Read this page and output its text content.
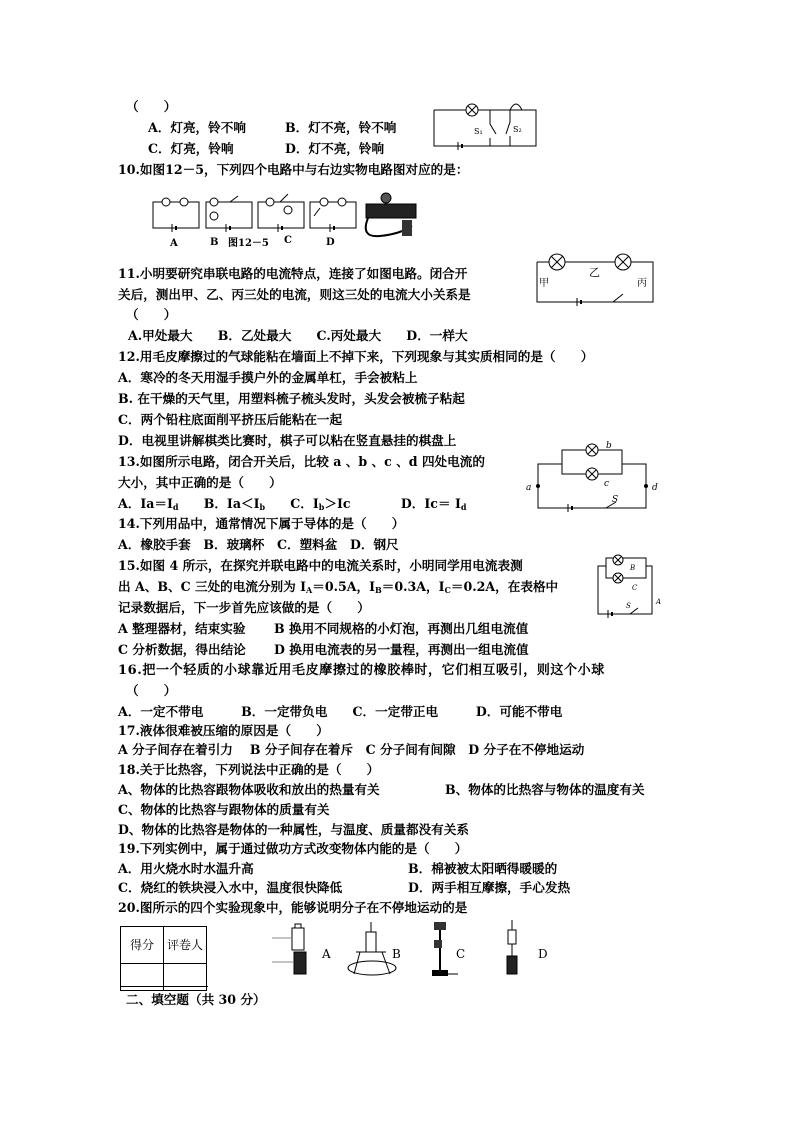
（　　）
A．灯亮，铃不响	B．灯不亮，铃不响
C．灯亮，铃响	D．灯不亮，铃响
S₁	S₂
10.如图12－5，下列四个电路中与右边实物电路图对应的是：
A	B	C	D
图12－5
11.小明要研究串联电路的电流特点，连接了如图电路。闭合开
关后，测出甲、乙、丙三处的电流，则这三处的电流大小关系是
（　　）
A.甲处最大　　B．乙处最大　　C.丙处最大　　D．一样大
甲
乙
丙
12.用毛皮摩擦过的气球能粘在墙面上不掉下来，下列现象与其实质相同的是（　　）
A．寒冷的冬天用湿手摸户外的金属单杠，手会被粘上
B. 在干燥的天气里，用塑料梳子梳头发时，头发会被梳子粘起
C．两个铅柱底面削平挤压后能粘在一起
D．电视里讲解棋类比赛时，棋子可以粘在竖直悬挂的棋盘上
13.如图所示电路，闭合开关后，比较 a 、b 、c 、d 四处电流的
大小，其中正确的是（　　）
A．$Ia=I_d$　　B．$Ia<I_b$　　C．$I_b>Ic$　　　　D．$Ic= I_d$
a
b
c	d
S
14.下列用品中，通常情况下属于导体的是（　　）
A．橡胶手套　B．玻璃杯　C．塑料盆　D．钢尺
15.如图 4 所示，在探究并联电路中的电流关系时，小明同学用电流表测
出 A、B、C 三处的电流分别为 $I_A=0.5A$，$I_B=0.3A$，$I_C=0.2A$，在表格中
记录数据后，下一步首先应该做的是（　　）
A 整理器材，结束实验 B 换用不同规格的小灯泡，再测出几组电流值
C 分析数据，得出结论 D 换用电流表的另一量程，再测出一组电流值
B
C
S	A
16.把一个轻质的小球靠近用毛皮摩擦过的橡胶棒时，它们相互吸引，则这个小球
（　　）
A．一定不带电　　　B．一定带负电　　C．一定带正电　　　D．可能不带电
17.液体很难被压缩的原因是（　　）
A 分子间存在着引力　 B 分子间存在着斥　C 分子间有间隙　D 分子在不停地运动
18.关于比热容，下列说法中正确的是（　　）
A、物体的比热容跟物体吸收和放出的热量有关	B、物体的比热容与物体的温度有关
C、物体的比热容与跟物体的质量有关
D、物体的比热容是物体的一种属性，与温度、质量都没有关系
19.下列实例中，属于通过做功方式改变物体内能的是（　　）
A．用火烧水时水温升高	B．棉被被太阳晒得暖暖的
C．烧红的铁块浸入水中，温度很快降低	D．两手相互摩擦，手心发热
20.图所示的四个实验现象中，能够说明分子在不停地运动的是
得分	评卷人

A	B	C	D
二、填空题（共 30 分）
